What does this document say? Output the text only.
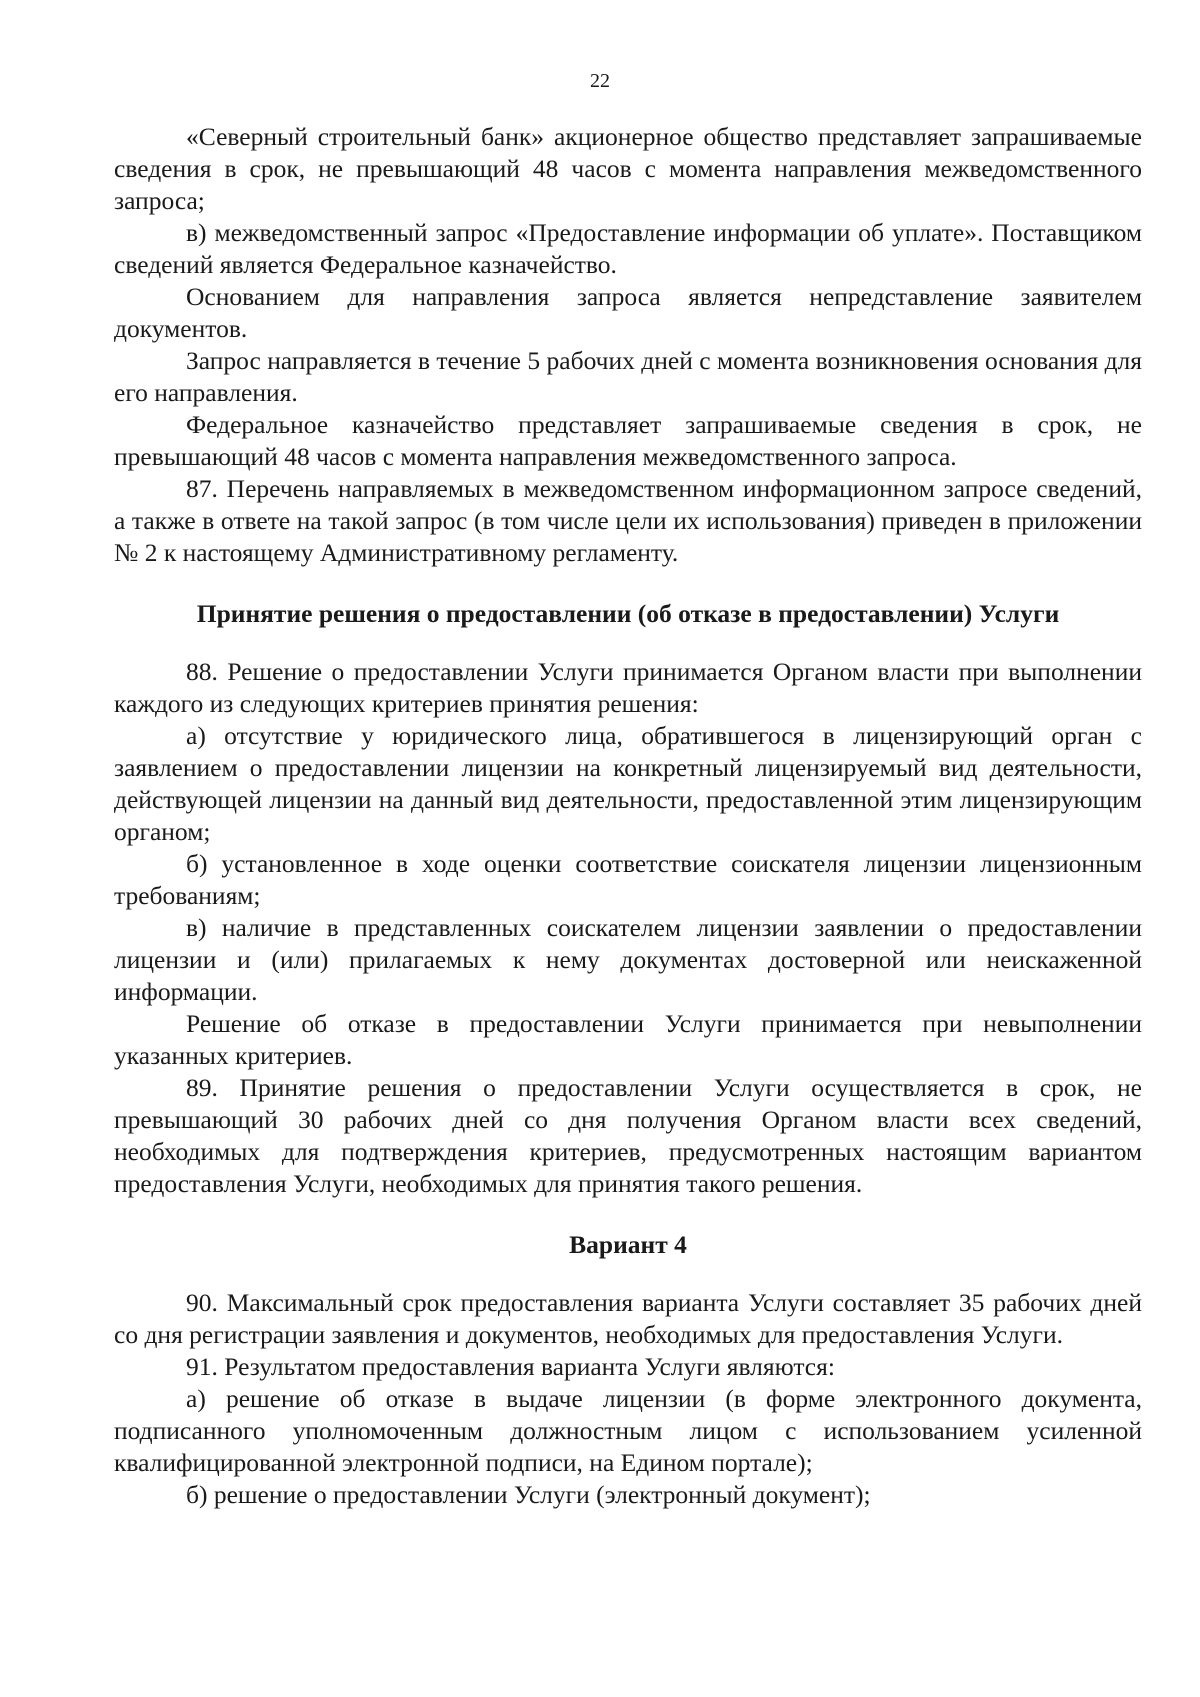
22

«Северный строительный банк» акционерное общество представляет запрашиваемые сведения в срок, не превышающий 48 часов с момента направления межведомственного запроса;

в) межведомственный запрос «Предоставление информации об уплате». Поставщиком сведений является Федеральное казначейство.

Основанием для направления запроса является непредставление заявителем документов.

Запрос направляется в течение 5 рабочих дней с момента возникновения основания для его направления.

Федеральное казначейство представляет запрашиваемые сведения в срок, не превышающий 48 часов с момента направления межведомственного запроса.

87. Перечень направляемых в межведомственном информационном запросе сведений, а также в ответе на такой запрос (в том числе цели их использования) приведен в приложении № 2 к настоящему Административному регламенту.

Принятие решения о предоставлении (об отказе в предоставлении) Услуги

88. Решение о предоставлении Услуги принимается Органом власти при выполнении каждого из следующих критериев принятия решения:

а) отсутствие у юридического лица, обратившегося в лицензирующий орган с заявлением о предоставлении лицензии на конкретный лицензируемый вид деятельности, действующей лицензии на данный вид деятельности, предоставленной этим лицензирующим органом;

б) установленное в ходе оценки соответствие соискателя лицензии лицензионным требованиям;

в) наличие в представленных соискателем лицензии заявлении о предоставлении лицензии и (или) прилагаемых к нему документах достоверной или неискаженной информации.

Решение об отказе в предоставлении Услуги принимается при невыполнении указанных критериев.

89. Принятие решения о предоставлении Услуги осуществляется в срок, не превышающий 30 рабочих дней со дня получения Органом власти всех сведений, необходимых для подтверждения критериев, предусмотренных настоящим вариантом предоставления Услуги, необходимых для принятия такого решения.

Вариант 4

90. Максимальный срок предоставления варианта Услуги составляет 35 рабочих дней со дня регистрации заявления и документов, необходимых для предоставления Услуги.

91. Результатом предоставления варианта Услуги являются:

а) решение об отказе в выдаче лицензии (в форме электронного документа, подписанного уполномоченным должностным лицом с использованием усиленной квалифицированной электронной подписи, на Едином портале);

б) решение о предоставлении Услуги (электронный документ);
